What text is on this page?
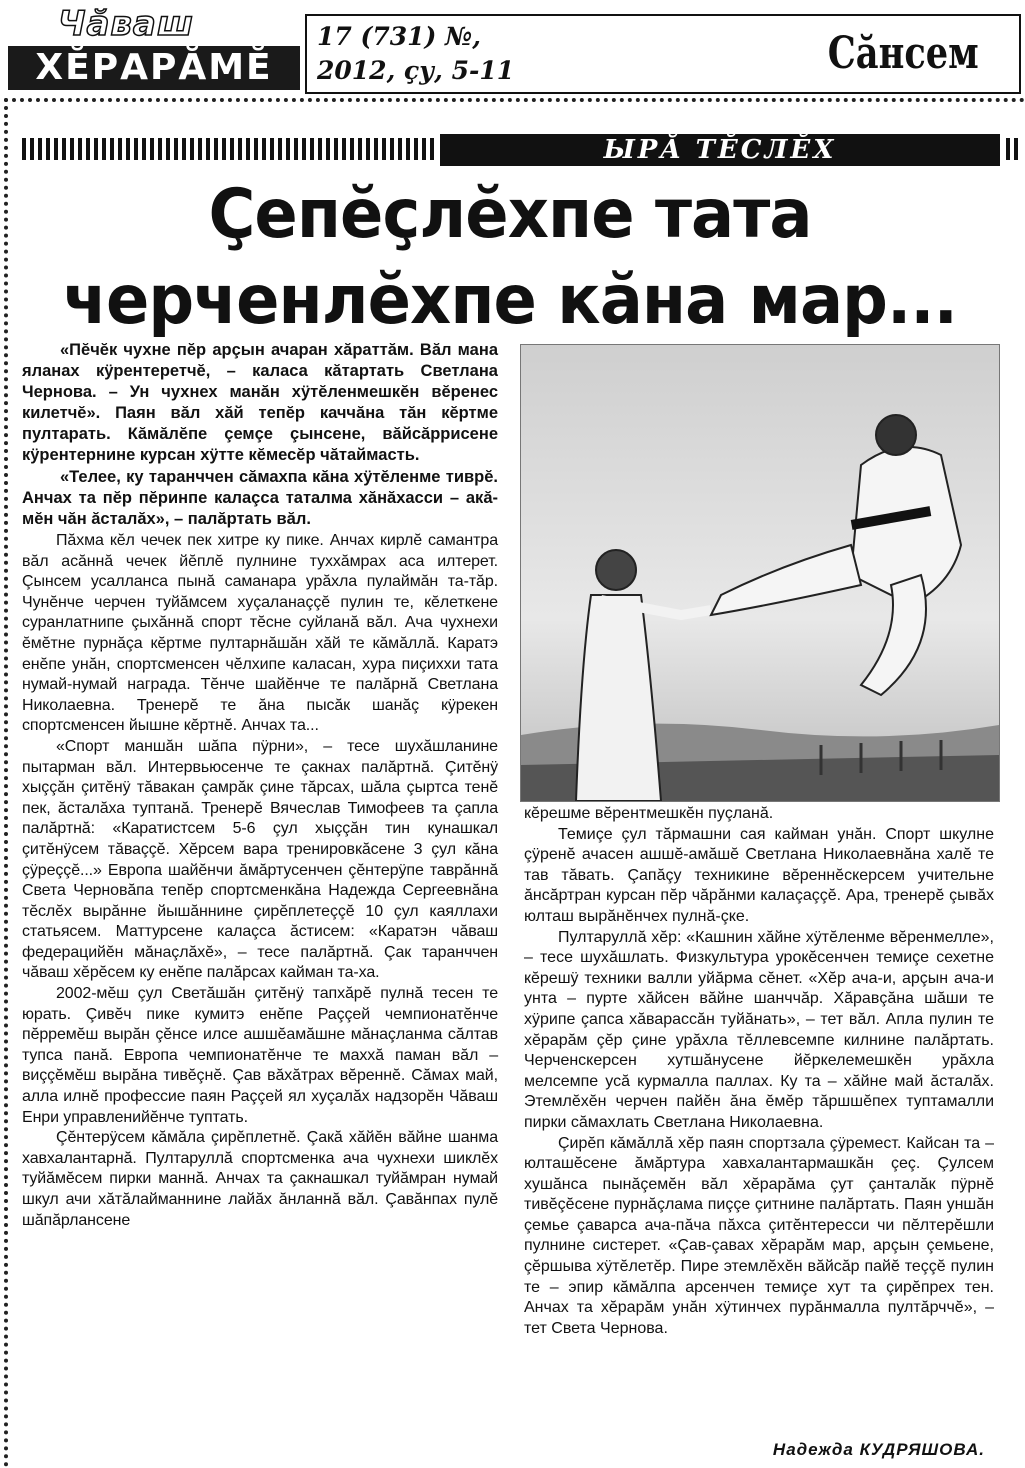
Чăваш
ХĔРАРĂМĔ
17 (731) №,
2012, çу, 5-11	Сăнсем
ЫРĂ ТĔСЛĔХ
Çепĕçлĕхпе тата
черченлĕхпе кăна мар...

«Пĕчĕк чухне пĕр арçын ачаран хăраттăм. Вăл мана яланах кÿрентеретчĕ, – каласа кăтартать Светлана Чернова. – Ун чухнех манăн хÿтĕленмешкĕн вĕренес килетчĕ». Паян вăл хăй тепĕр каччăна тăн кĕртме пултарать. Кăмăлĕпе çемçе çынсене, вăйсăррисене кÿрентернине курсан хÿтте кĕмесĕр чăтаймасть.

«Телее, ку таранччен сăмахпа кăна хÿтĕленме тиврĕ. Анчах та пĕр пĕринпе калаçса таталма хăнăхасси – акă-мĕн чăн ăсталăх», – палăртать вăл.

Пăхма кĕл чечек пек хитре ку пике. Анчах кирлĕ самантра вăл асăннă чечек йĕплĕ пулнине туххăмрах аса илтерет. Çынсем усалланса пынă саманара урăхла пулаймăн та-тăр. Чунĕнче черчен туйăмсем хуçаланаççĕ пулин те, кĕлеткене суранлатнипе çыхăннă спорт тĕсне суйланă вăл. Ача чухнехи ĕмĕтне пурнăçа кĕртме пултарнăшăн хăй те кăмăллă. Каратэ енĕпе унăн, спортсменсен чĕлхипе каласан, хура пиçиххи тата нумай-нумай награда. Тĕнче шайĕнче те палăрнă Светлана Николаевна. Тренерĕ те ăна пысăк шанăç кÿрекен спортсменсен йышне кĕртнĕ. Анчах та...

«Спорт маншăн шăпа пÿрни», – тесе шухăшланине пытарман вăл. Интервьюсенче те çакнах палăртнă. Çитĕнÿ хыççăн çитĕнÿ тăвакан çамрăк çине тăрсах, шăла çыртса тенĕ пек, ăсталăха туптанă. Тренерĕ Вячеслав Тимофеев та çапла палăртнă: «Каратистсем 5-6 çул хыççăн тин кунашкал çитĕнÿсем тăваççĕ. Хĕрсем вара тренировкăсене 3 çул кăна çÿреççĕ...» Европа шайĕнчи ăмăртусенчен çĕнтерÿпе таврăннă Света Черновăпа тепĕр спортсменкăна Надежда Сергеевнăна тĕслĕх вырăнне йышăннине çирĕплетеççĕ 10 çул каяллахи статьясем. Маттурсене калаçса ăстисем: «Каратэн чăваш федерацийĕн мăнаçлăхĕ», – тесе палăртнă. Çак таранччен чăваш хĕрĕсем ку енĕпе палăрсах кайман та-ха.

2002-мĕш çул Светăшăн çитĕнÿ тапхăрĕ пулнă тесен те юрать. Çивĕч пике кумитэ енĕпе Раççей чемпионатĕнче пĕрремĕш вырăн çĕнсе илсе ашшĕамăшне мăнаçланма сăлтав тупса панă. Европа чемпионатĕнче те маххă паман вăл – виççĕмĕш вырăна тивĕçнĕ. Çав вăхăтрах вĕреннĕ. Сăмах май, алла илнĕ профессие паян Раççей ял хуçалăх надзорĕн Чăваш Енри управленийĕнче туптать.

Çĕнтерÿсем кăмăла çирĕплетнĕ. Çакă хăйĕн вăйне шанма хавхалантарнă. Пултаруллă спортсменка ача чухнехи шиклĕх туйăмĕсем пирки маннă. Анчах та çакнашкал туйăмран нумай шкул ачи хăтăлайманнине лайăх ăнланнă вăл. Çавăнпах пулĕ шăпăрлансене

кĕрешме вĕрентмешкĕн пуçланă.

Темиçе çул тăрмашни сая кайман унăн. Спорт шкулне çÿренĕ ачасен ашшĕ-амăшĕ Светлана Николаевнăна халĕ те тав тăвать. Çапăçу техникине вĕреннĕскерсем учительне ăнсăртран курсан пĕр чăрăнми калаçаççĕ. Ара, тренерĕ çывăх юлташ вырăнĕнчех пулнă-çке.

Пултаруллă хĕр: «Кашнин хăйне хÿтĕленме вĕренмелле», – тесе шухăшлать. Физкультура урокĕсенчен темиçе сехетне кĕрешÿ техники валли уйăрма сĕнет. «Хĕр ача-и, арçын ача-и унта – пурте хăйсен вăйне шанччăр. Хăравçăна шăши те хÿрипе çапса хăварассăн туйăнать», – тет вăл. Апла пулин те хĕрарăм çĕр çине урăхла тĕллевсемпе килнине палăртать. Черченскерсен хутшăнусене йĕркелемешкĕн урăхла мелсемпе усă курмалла паллах. Ку та – хăйне май ăсталăх. Этемлĕхĕн черчен пайĕн ăна ĕмĕр тăршшĕпех туптамалли пирки сăмахлать Светлана Николаевна.

Çирĕп кăмăллă хĕр паян спортзала çÿремест. Кайсан та – юлташĕсене ăмăртура хавхалантармашкăн çеç. Çулсем хушăнса пынăçемĕн вăл хĕрарăма çут çанталăк пÿрнĕ тивĕçĕсене пурнăçлама пиççе çитнине палăртать. Паян уншăн çемье çаварса ача-пăча пăхса çитĕнтересси чи пĕлтерĕшли пулнине систерет. «Çав-çавах хĕрарăм мар, арçын çемьене, çĕршыва хÿтĕлетĕр. Пире этемлĕхĕн вăйсăр пайĕ теççĕ пулин те – эпир кăмăлпа арсенчен темиçе хут та çирĕпрех тен. Анчах та хĕрарăм унăн хÿтинчех пурăнмалла пултăрччĕ», – тет Света Чернова.

Надежда КУДРЯШОВА.
